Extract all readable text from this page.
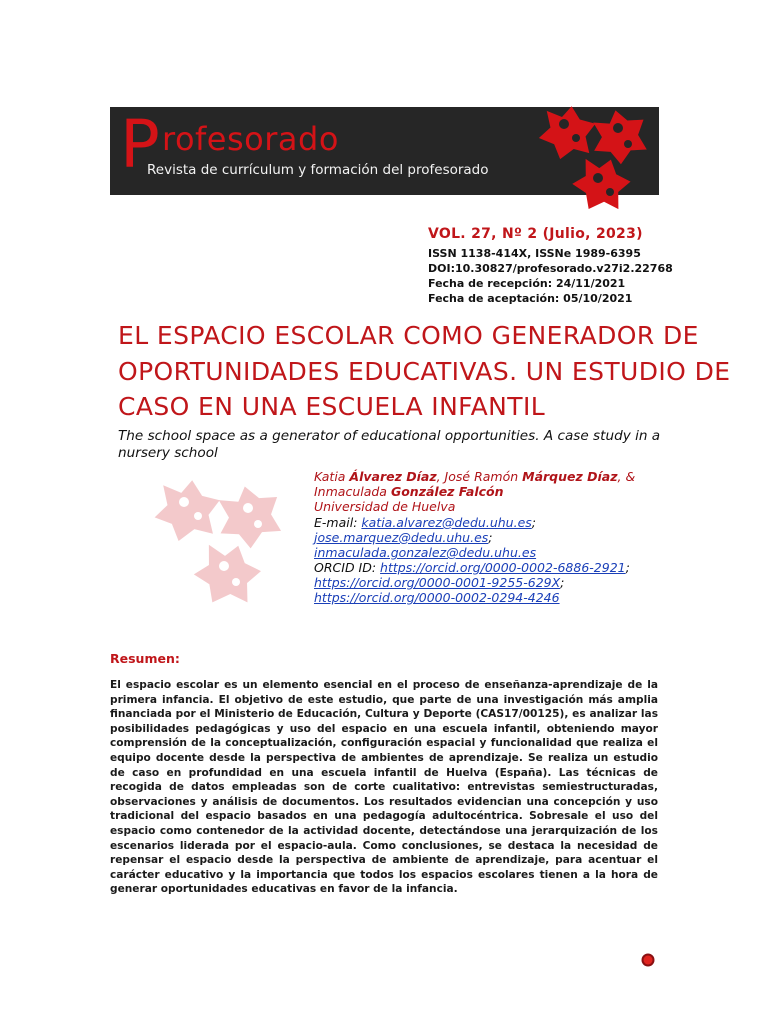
P rofesorado
Revista de currículum y formación del profesorado
VOL. 27, Nº 2 (Julio, 2023)
ISSN 1138-414X, ISSNe 1989-6395
DOI:10.30827/profesorado.v27i2.22768
Fecha de recepción: 24/11/2021
Fecha de aceptación: 05/10/2021
EL ESPACIO ESCOLAR COMO GENERADOR DE
OPORTUNIDADES EDUCATIVAS. UN ESTUDIO DE
CASO EN UNA ESCUELA INFANTIL
The school space as a generator of educational opportunities. A case study in a nursery school
Katia Álvarez Díaz, José Ramón Márquez Díaz, &
Inmaculada González Falcón
Universidad de Huelva
E-mail: katia.alvarez@dedu.uhu.es;
jose.marquez@dedu.uhu.es;
inmaculada.gonzalez@dedu.uhu.es
ORCID ID: https://orcid.org/0000-0002-6886-2921;
https://orcid.org/0000-0001-9255-629X;
https://orcid.org/0000-0002-0294-4246
Resumen:
El espacio escolar es un elemento esencial en el proceso de enseñanza-aprendizaje de la primera infancia. El objetivo de este estudio, que parte de una investigación más amplia financiada por el Ministerio de Educación, Cultura y Deporte (CAS17/00125), es analizar las posibilidades pedagógicas y uso del espacio en una escuela infantil, obteniendo mayor comprensión de la conceptualización, configuración espacial y funcionalidad que realiza el equipo docente desde la perspectiva de ambientes de aprendizaje. Se realiza un estudio de caso en profundidad en una escuela infantil de Huelva (España). Las técnicas de recogida de datos empleadas son de corte cualitativo: entrevistas semiestructuradas, observaciones y análisis de documentos. Los resultados evidencian una concepción y uso tradicional del espacio basados en una pedagogía adultocéntrica. Sobresale el uso del espacio como contenedor de la actividad docente, detectándose una jerarquización de los escenarios liderada por el espacio-aula. Como conclusiones, se destaca la necesidad de repensar el espacio desde la perspectiva de ambiente de aprendizaje, para acentuar el carácter educativo y la importancia que todos los espacios escolares tienen a la hora de generar oportunidades educativas en favor de la infancia.
